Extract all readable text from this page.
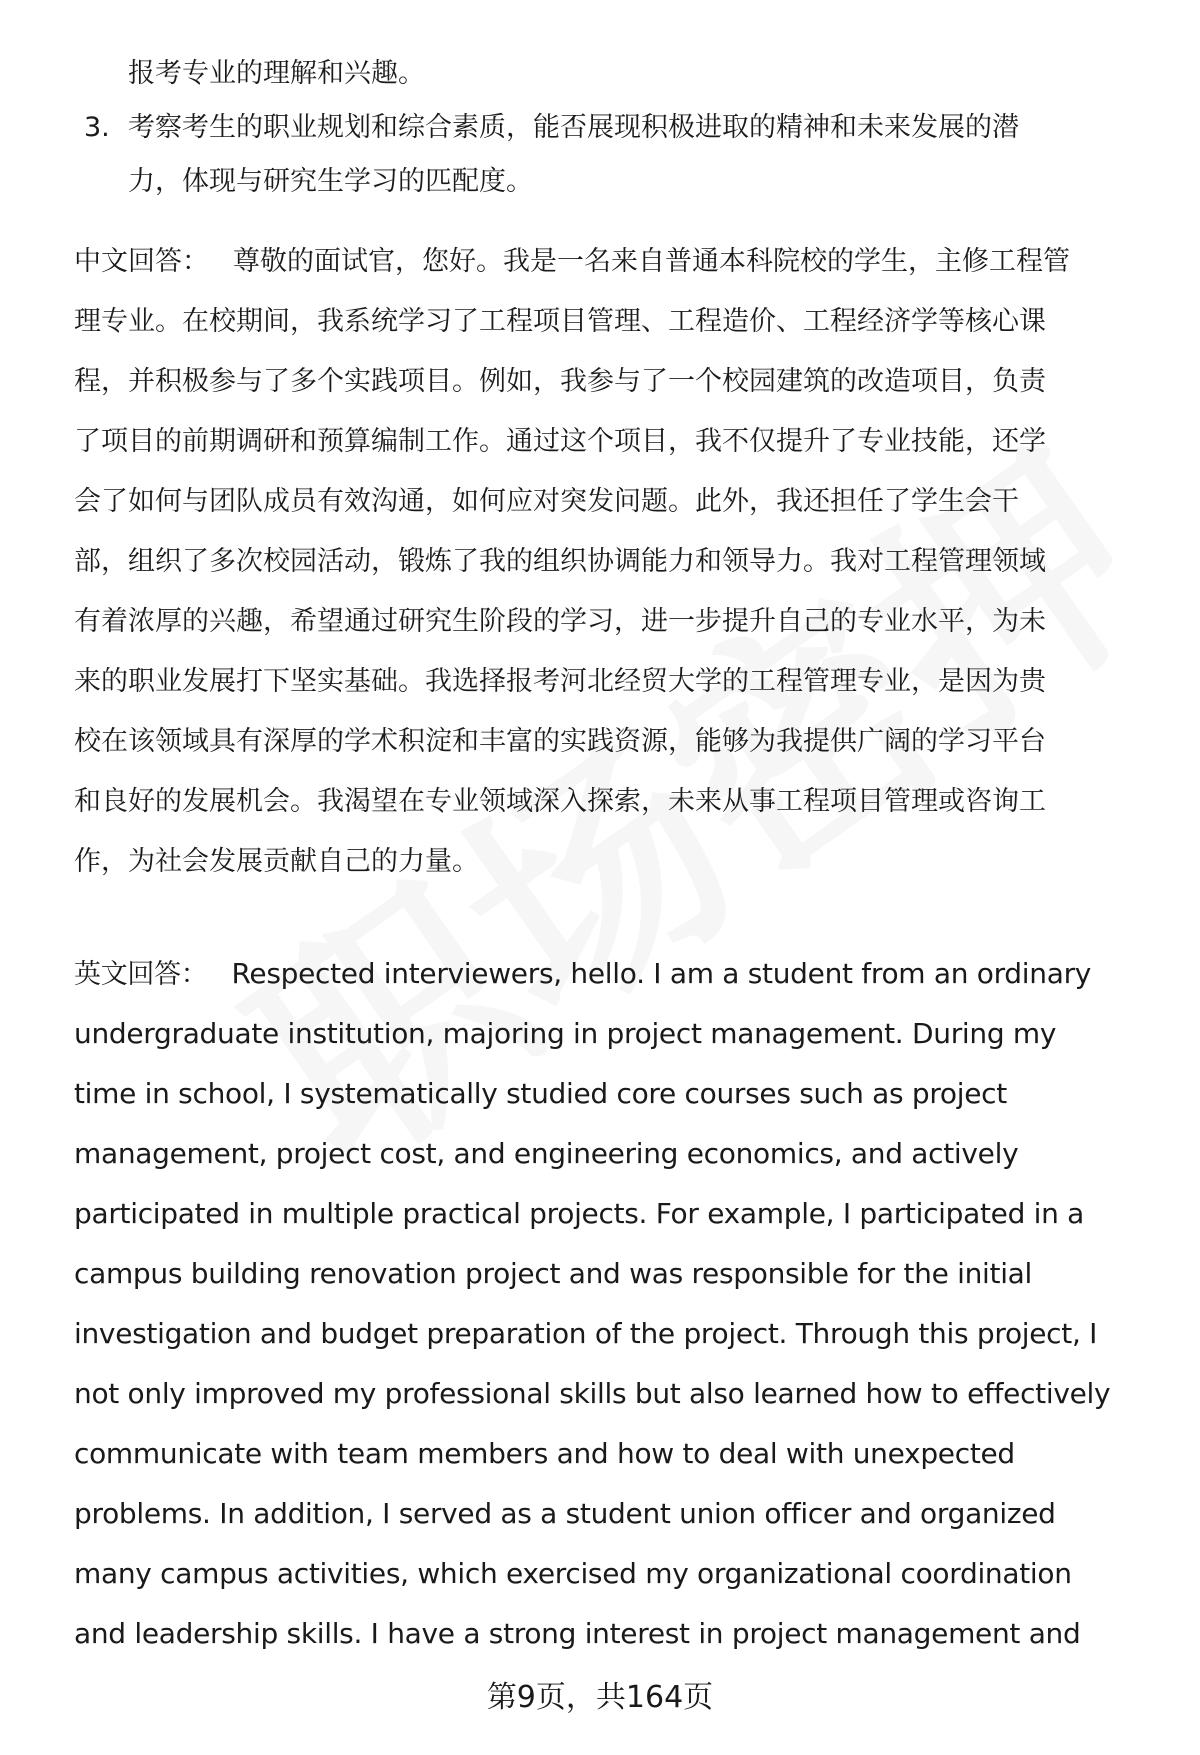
报考专业的理解和兴趣。
3. 考察考生的职业规划和综合素质，能否展现积极进取的精神和未来发展的潜
力，体现与研究生学习的匹配度。
中文回答： 尊敬的面试官，您好。我是一名来自普通本科院校的学生，主修工程管
理专业。在校期间，我系统学习了工程项目管理、工程造价、工程经济学等核心课
程，并积极参与了多个实践项目。例如，我参与了一个校园建筑的改造项目，负责
了项目的前期调研和预算编制工作。通过这个项目，我不仅提升了专业技能，还学
会了如何与团队成员有效沟通，如何应对突发问题。此外，我还担任了学生会干
部，组织了多次校园活动，锻炼了我的组织协调能力和领导力。我对工程管理领域
有着浓厚的兴趣，希望通过研究生阶段的学习，进一步提升自己的专业水平，为未
来的职业发展打下坚实基础。我选择报考河北经贸大学的工程管理专业，是因为贵
校在该领域具有深厚的学术积淀和丰富的实践资源，能够为我提供广阔的学习平台
和良好的发展机会。我渴望在专业领域深入探索，未来从事工程项目管理或咨询工
作，为社会发展贡献自己的力量。
英文回答： Respected interviewers, hello. I am a student from an ordinary
undergraduate institution, majoring in project management. During my
time in school, I systematically studied core courses such as project
management, project cost, and engineering economics, and actively
participated in multiple practical projects. For example, I participated in a
campus building renovation project and was responsible for the initial
investigation and budget preparation of the project. Through this project, I
not only improved my professional skills but also learned how to effectively
communicate with team members and how to deal with unexpected
problems. In addition, I served as a student union officer and organized
many campus activities, which exercised my organizational coordination
and leadership skills. I have a strong interest in project management and
第9页，共164页
